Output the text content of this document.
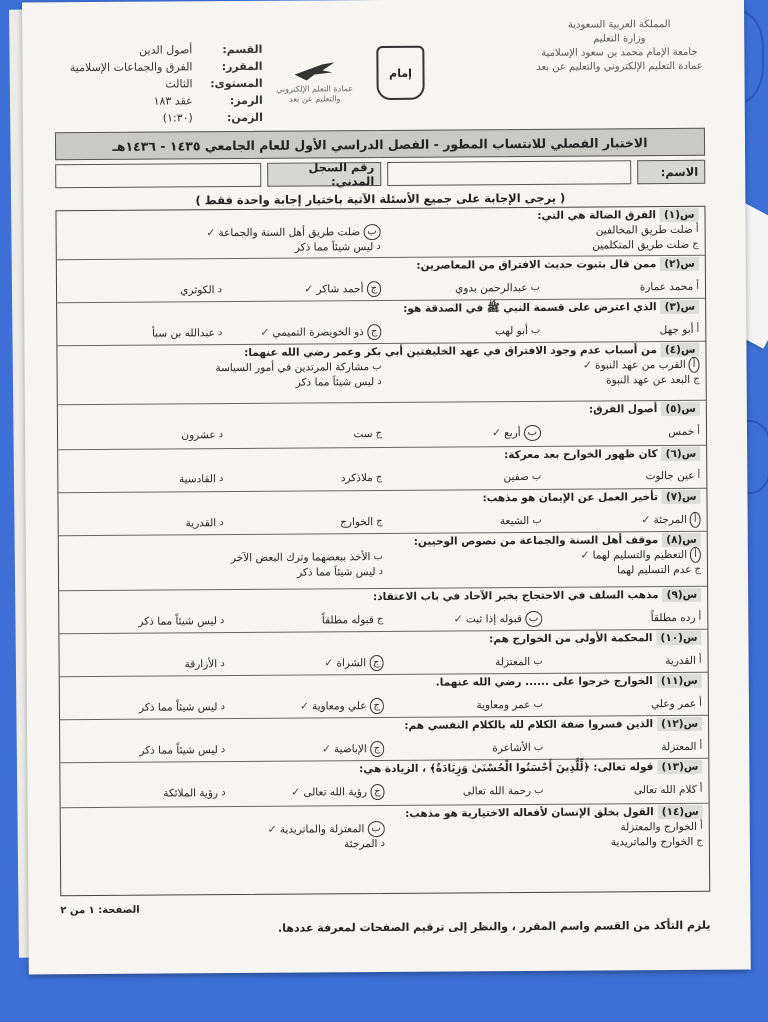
المملكة العربية السعودية
وزارة التعليم
جامعة الإمام محمد بن سعود الإسلامية
عمادة التعليم الإلكتروني والتعليم عن بعد
إمام
عمادة التعلم الإلكتروني
والتعليم عن بعد
القسم:
أصول الدين
المقرر:
الفرق والجماعات الإسلامية
المستوى:
الثالث
الرمز:
عقد ١٨٣
الزمن:
(١:٣٠)
الاختبار الفصلي للانتساب المطور - الفصل الدراسي الأول للعام الجامعي ١٤٣٥ - ١٤٣٦هـ
الاسم:
رقم السجل المدني:
( يرجى الإجابة على جميع الأسئلة الآتية باختيار إجابة واحدة فقط )
س(١)
الفرق الضالة هي التي:
أ
ضلت طريق المخالفين
ب
ضلت طريق أهل السنة والجماعة
✓
ج
ضلت طريق المتكلمين
د
ليس شيئاً مما ذكر
س(٢)
ممن قال بثبوت حديث الافتراق من المعاصرين:
أ
محمد عمارة
ب
عبدالرحمن بدوي
ج
أحمد شاكر
✓
د
الكوثري
س(٣)
الذي اعترض على قسمة النبي ﷺ في الصدقة هو:
أ
أبو جهل
ب
أبو لهب
ج
ذو الخويصرة التميمي
✓
د
عبدالله بن سبأ
س(٤)
من أسباب عدم وجود الافتراق في عهد الخليفتين أبي بكر وعمر رضي الله عنهما:
أ
القرب من عهد النبوة
✓
ب
مشاركة المرتدين في أمور السياسة
ج
البعد عن عهد النبوة
د
ليس شيئاً مما ذكر
س(٥)
أصول الفرق:
أ
خمس
ب
أربع
✓
ج
ست
د
عشرون
س(٦)
كان ظهور الخوارج بعد معركة:
أ
عين جالوت
ب
صفين
ج
ملاذكرد
د
القادسية
س(٧)
تأخير العمل عن الإيمان هو مذهب:
أ
المرجئة
✓
ب
الشيعة
ج
الخوارج
د
القدرية
س(٨)
موقف أهل السنة والجماعة من نصوص الوحيين:
أ
التعظيم والتسليم لهما
✓
ب
الأخذ ببعضهما وترك البعض الآخر
ج
عدم التسليم لهما
د
ليس شيئاً مما ذكر
س(٩)
مذهب السلف في الاحتجاج بخبر الآحاد في باب الاعتقاد:
أ
رده مطلقاً
ب
قبوله إذا ثبت
✓
ج
قبوله مطلقاً
د
ليس شيئاً مما ذكر
س(١٠)
المحكمة الأولى من الخوارج هم:
أ
القدرية
ب
المعتزلة
ج
الشراة
✓
د
الأزارقة
س(١١)
الخوارج خرجوا على ...... رضي الله عنهما.
أ
عمر وعلي
ب
عمر ومعاوية
ج
علي ومعاوية
✓
د
ليس شيئاً مما ذكر
س(١٢)
الذين فسروا صفة الكلام لله بالكلام النفسي هم:
أ
المعتزلة
ب
الأشاعرة
ج
الإباضية
✓
د
ليس شيئاً مما ذكر
س(١٣)
قوله تعالى: ﴿لِّلَّذِينَ أَحْسَنُوا الْحُسْنَىٰ وَزِيَادَةٌ﴾ ، الزيادة هي:
أ
كلام الله تعالى
ب
رحمة الله تعالى
ج
رؤية الله تعالى
✓
د
رؤية الملائكة
س(١٤)
القول بخلق الإنسان لأفعاله الاختيارية هو مذهب:
أ
الخوارج والمعتزلة
ب
المعتزلة والماتريدية
✓
ج
الخوارج والماتريدية
د
المرجئة
الصفحة: ١ من ٢
يلزم التأكد من القسم واسم المقرر ، والنظر إلى ترقيم الصفحات لمعرفة عددها.
